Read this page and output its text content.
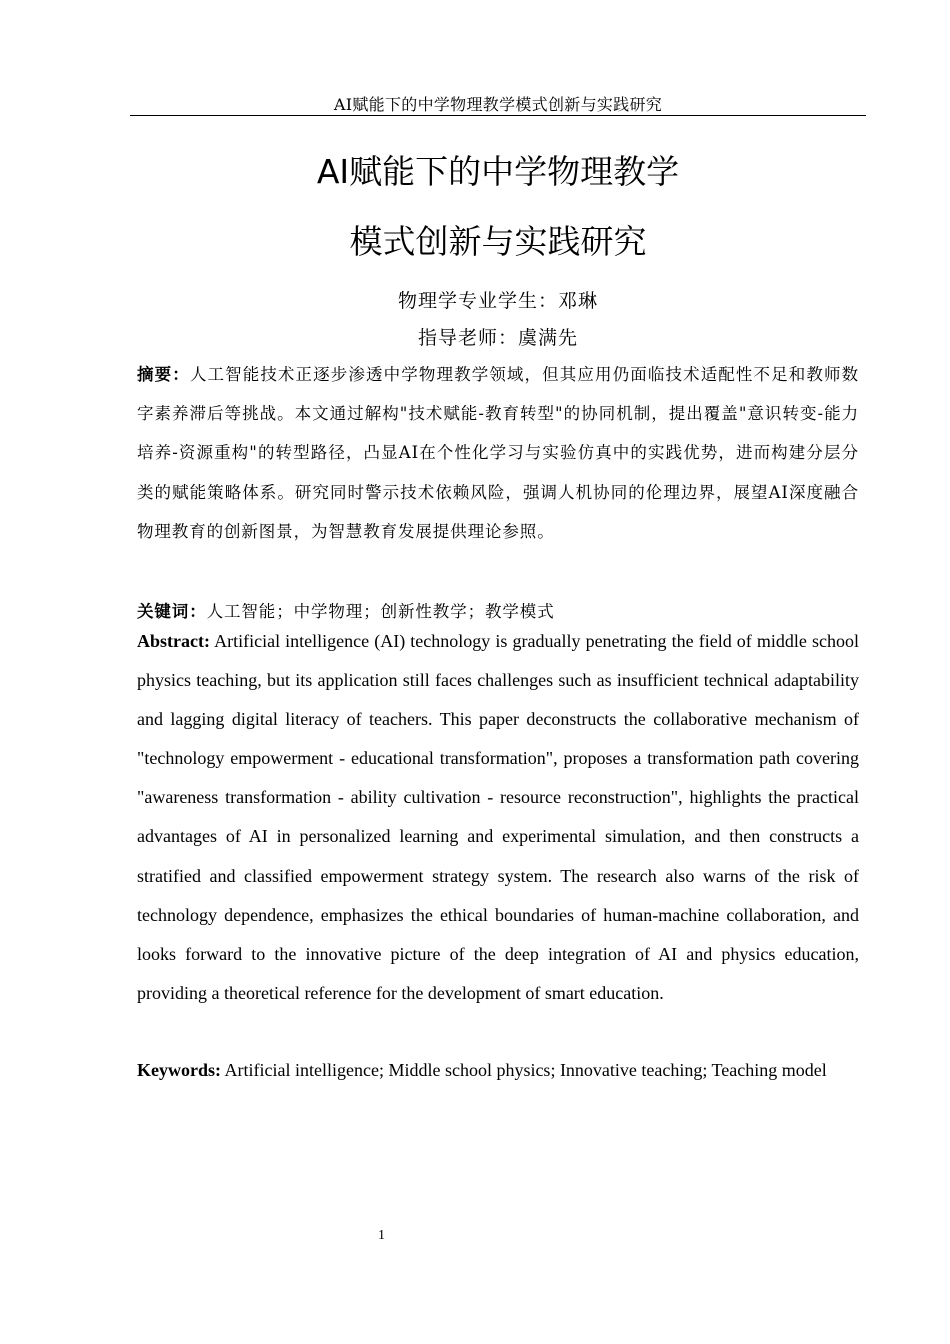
AI赋能下的中学物理教学模式创新与实践研究
AI赋能下的中学物理教学
模式创新与实践研究
物理学专业学生：邓琳
指导老师：虞满先
摘要：人工智能技术正逐步渗透中学物理教学领域，但其应用仍面临技术适配性不足和教师数字素养滞后等挑战。本文通过解构"技术赋能-教育转型"的协同机制，提出覆盖"意识转变-能力培养-资源重构"的转型路径，凸显AI在个性化学习与实验仿真中的实践优势，进而构建分层分类的赋能策略体系。研究同时警示技术依赖风险，强调人机协同的伦理边界，展望AI深度融合物理教育的创新图景，为智慧教育发展提供理论参照。
关键词：人工智能；中学物理；创新性教学；教学模式
Abstract: Artificial intelligence (AI) technology is gradually penetrating the field of middle school physics teaching, but its application still faces challenges such as insufficient technical adaptability and lagging digital literacy of teachers. This paper deconstructs the collaborative mechanism of "technology empowerment - educational transformation", proposes a transformation path covering "awareness transformation - ability cultivation - resource reconstruction", highlights the practical advantages of AI in personalized learning and experimental simulation, and then constructs a stratified and classified empowerment strategy system. The research also warns of the risk of technology dependence, emphasizes the ethical boundaries of human-machine collaboration, and looks forward to the innovative picture of the deep integration of AI and physics education, providing a theoretical reference for the development of smart education.
Keywords: Artificial intelligence; Middle school physics; Innovative teaching; Teaching model
1
